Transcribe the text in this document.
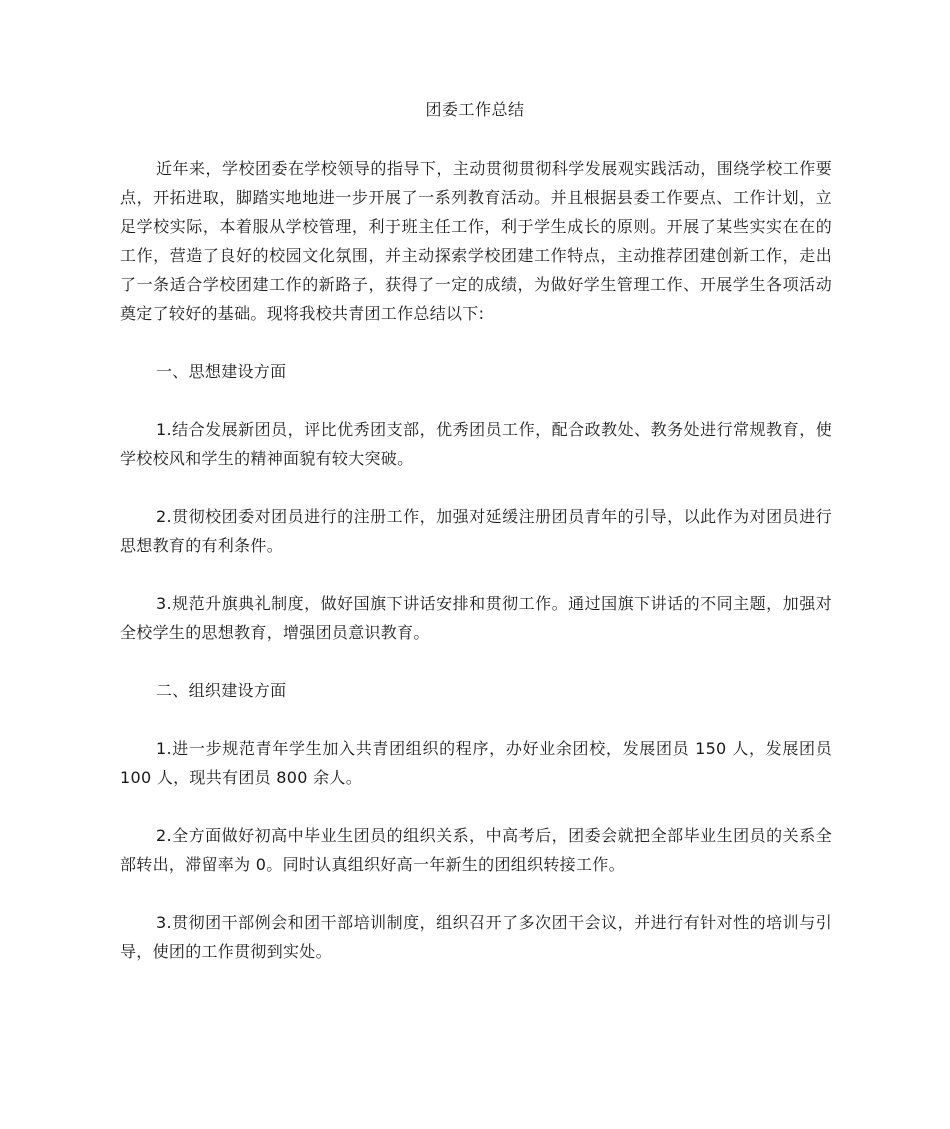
团委工作总结

近年来，学校团委在学校领导的指导下，主动贯彻贯彻科学发展观实践活动，围绕学校工作要点，开拓进取，脚踏实地地进一步开展了一系列教育活动。并且根据县委工作要点、工作计划，立足学校实际，本着服从学校管理，利于班主任工作，利于学生成长的原则。开展了某些实实在在的工作，营造了良好的校园文化氛围，并主动探索学校团建工作特点，主动推荐团建创新工作，走出了一条适合学校团建工作的新路子，获得了一定的成绩，为做好学生管理工作、开展学生各项活动奠定了较好的基础。现将我校共青团工作总结以下:

一、思想建设方面

1.结合发展新团员，评比优秀团支部，优秀团员工作，配合政教处、教务处进行常规教育，使学校校风和学生的精神面貌有较大突破。

2.贯彻校团委对团员进行的注册工作，加强对延缓注册团员青年的引导，以此作为对团员进行思想教育的有利条件。

3.规范升旗典礼制度，做好国旗下讲话安排和贯彻工作。通过国旗下讲话的不同主题，加强对全校学生的思想教育，增强团员意识教育。

二、组织建设方面

1.进一步规范青年学生加入共青团组织的程序，办好业余团校，发展团员 150 人，发展团员 100 人，现共有团员 800 余人。

2.全方面做好初高中毕业生团员的组织关系，中高考后，团委会就把全部毕业生团员的关系全部转出，滞留率为 0。同时认真组织好高一年新生的团组织转接工作。

3.贯彻团干部例会和团干部培训制度，组织召开了多次团干会议，并进行有针对性的培训与引导，使团的工作贯彻到实处。
